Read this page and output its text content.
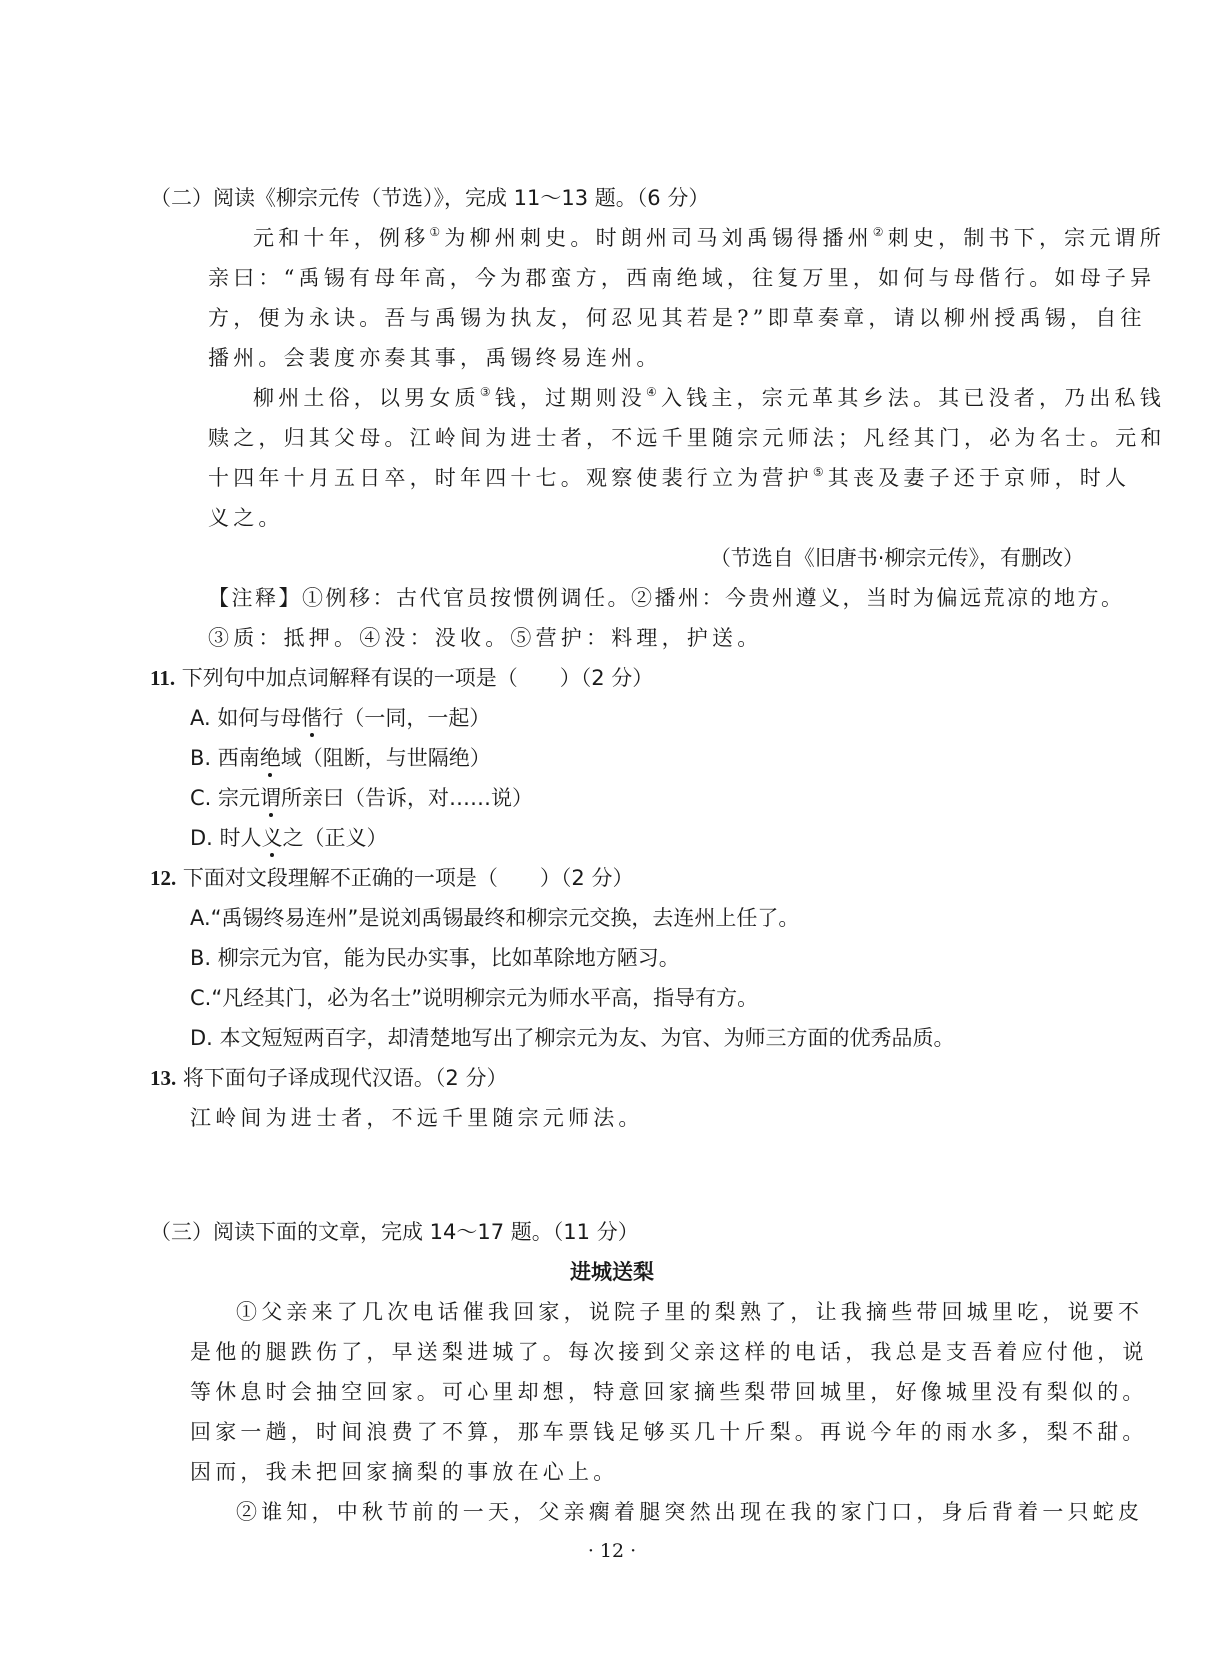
（二）阅读《柳宗元传（节选）》，完成 11～13 题。（6 分）
元和十年，例移①为柳州刺史。时朗州司马刘禹锡得播州②刺史，制书下，宗元谓所
亲曰：“禹锡有母年高，今为郡蛮方，西南绝域，往复万里，如何与母偕行。如母子异
方，便为永诀。吾与禹锡为执友，何忍见其若是?”即草奏章，请以柳州授禹锡，自往
播州。会裴度亦奏其事，禹锡终易连州。
柳州土俗，以男女质③钱，过期则没④入钱主，宗元革其乡法。其已没者，乃出私钱
赎之，归其父母。江岭间为进士者，不远千里随宗元师法；凡经其门，必为名士。元和
十四年十月五日卒，时年四十七。观察使裴行立为营护⑤其丧及妻子还于京师，时人
义之。
（节选自《旧唐书·柳宗元传》，有删改）
【注释】①例移：古代官员按惯例调任。②播州：今贵州遵义，当时为偏远荒凉的地方。
③质：抵押。④没：没收。⑤营护：料理，护送。
11. 下列句中加点词解释有误的一项是（　　）（2 分）
A. 如何与母偕行（一同，一起）
B. 西南绝域（阻断，与世隔绝）
C. 宗元谓所亲曰（告诉，对……说）
D. 时人义之（正义）
12. 下面对文段理解不正确的一项是（　　）（2 分）
A.“禹锡终易连州”是说刘禹锡最终和柳宗元交换，去连州上任了。
B. 柳宗元为官，能为民办实事，比如革除地方陋习。
C.“凡经其门，必为名士”说明柳宗元为师水平高，指导有方。
D. 本文短短两百字，却清楚地写出了柳宗元为友、为官、为师三方面的优秀品质。
13. 将下面句子译成现代汉语。（2 分）
江岭间为进士者，不远千里随宗元师法。
（三）阅读下面的文章，完成 14～17 题。（11 分）
进城送梨
①父亲来了几次电话催我回家，说院子里的梨熟了，让我摘些带回城里吃，说要不
是他的腿跌伤了，早送梨进城了。每次接到父亲这样的电话，我总是支吾着应付他，说
等休息时会抽空回家。可心里却想，特意回家摘些梨带回城里，好像城里没有梨似的。
回家一趟，时间浪费了不算，那车票钱足够买几十斤梨。再说今年的雨水多，梨不甜。
因而，我未把回家摘梨的事放在心上。
②谁知，中秋节前的一天，父亲瘸着腿突然出现在我的家门口，身后背着一只蛇皮
· 12 ·
